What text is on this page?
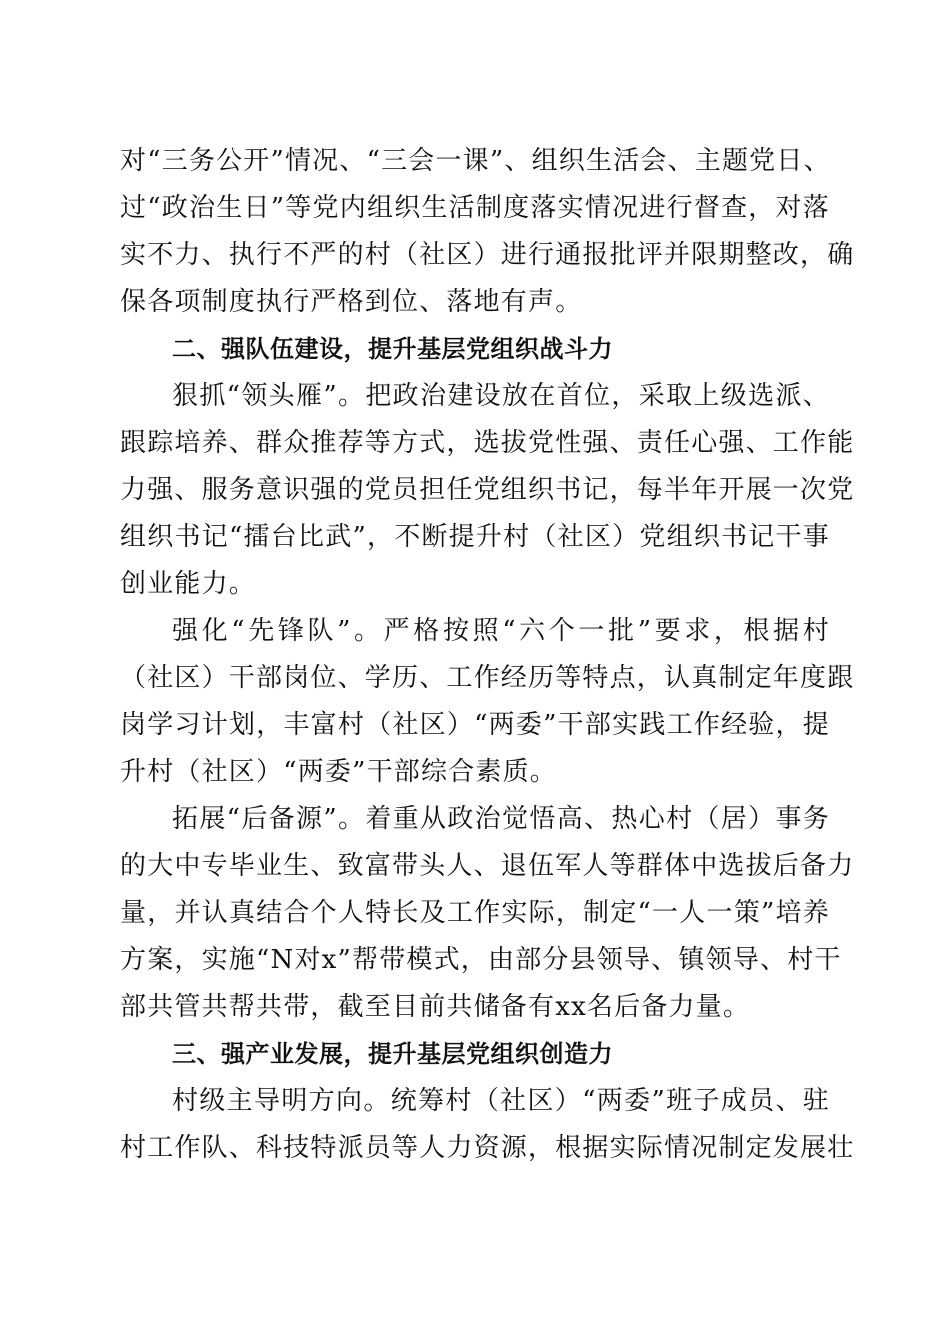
对“三务公开”情况、“三会一课”、组织生活会、主题党日、
过“政治生日”等党内组织生活制度落实情况进行督查，对落
实不力、执行不严的村（社区）进行通报批评并限期整改，确
保各项制度执行严格到位、落地有声。
二、强队伍建设，提升基层党组织战斗力
狠抓“领头雁”。把政治建设放在首位，采取上级选派、
跟踪培养、群众推荐等方式，选拔党性强、责任心强、工作能
力强、服务意识强的党员担任党组织书记，每半年开展一次党
组织书记“擂台比武”，不断提升村（社区）党组织书记干事
创业能力。
强化“先锋队”。严格按照“六个一批”要求，根据村
（社区）干部岗位、学历、工作经历等特点，认真制定年度跟
岗学习计划，丰富村（社区）“两委”干部实践工作经验，提
升村（社区）“两委”干部综合素质。
拓展“后备源”。着重从政治觉悟高、热心村（居）事务
的大中专毕业生、致富带头人、退伍军人等群体中选拔后备力
量，并认真结合个人特长及工作实际，制定“一人一策”培养
方案，实施“N对x”帮带模式，由部分县领导、镇领导、村干
部共管共帮共带，截至目前共储备有xx名后备力量。
三、强产业发展，提升基层党组织创造力
村级主导明方向。统筹村（社区）“两委”班子成员、驻
村工作队、科技特派员等人力资源，根据实际情况制定发展壮
